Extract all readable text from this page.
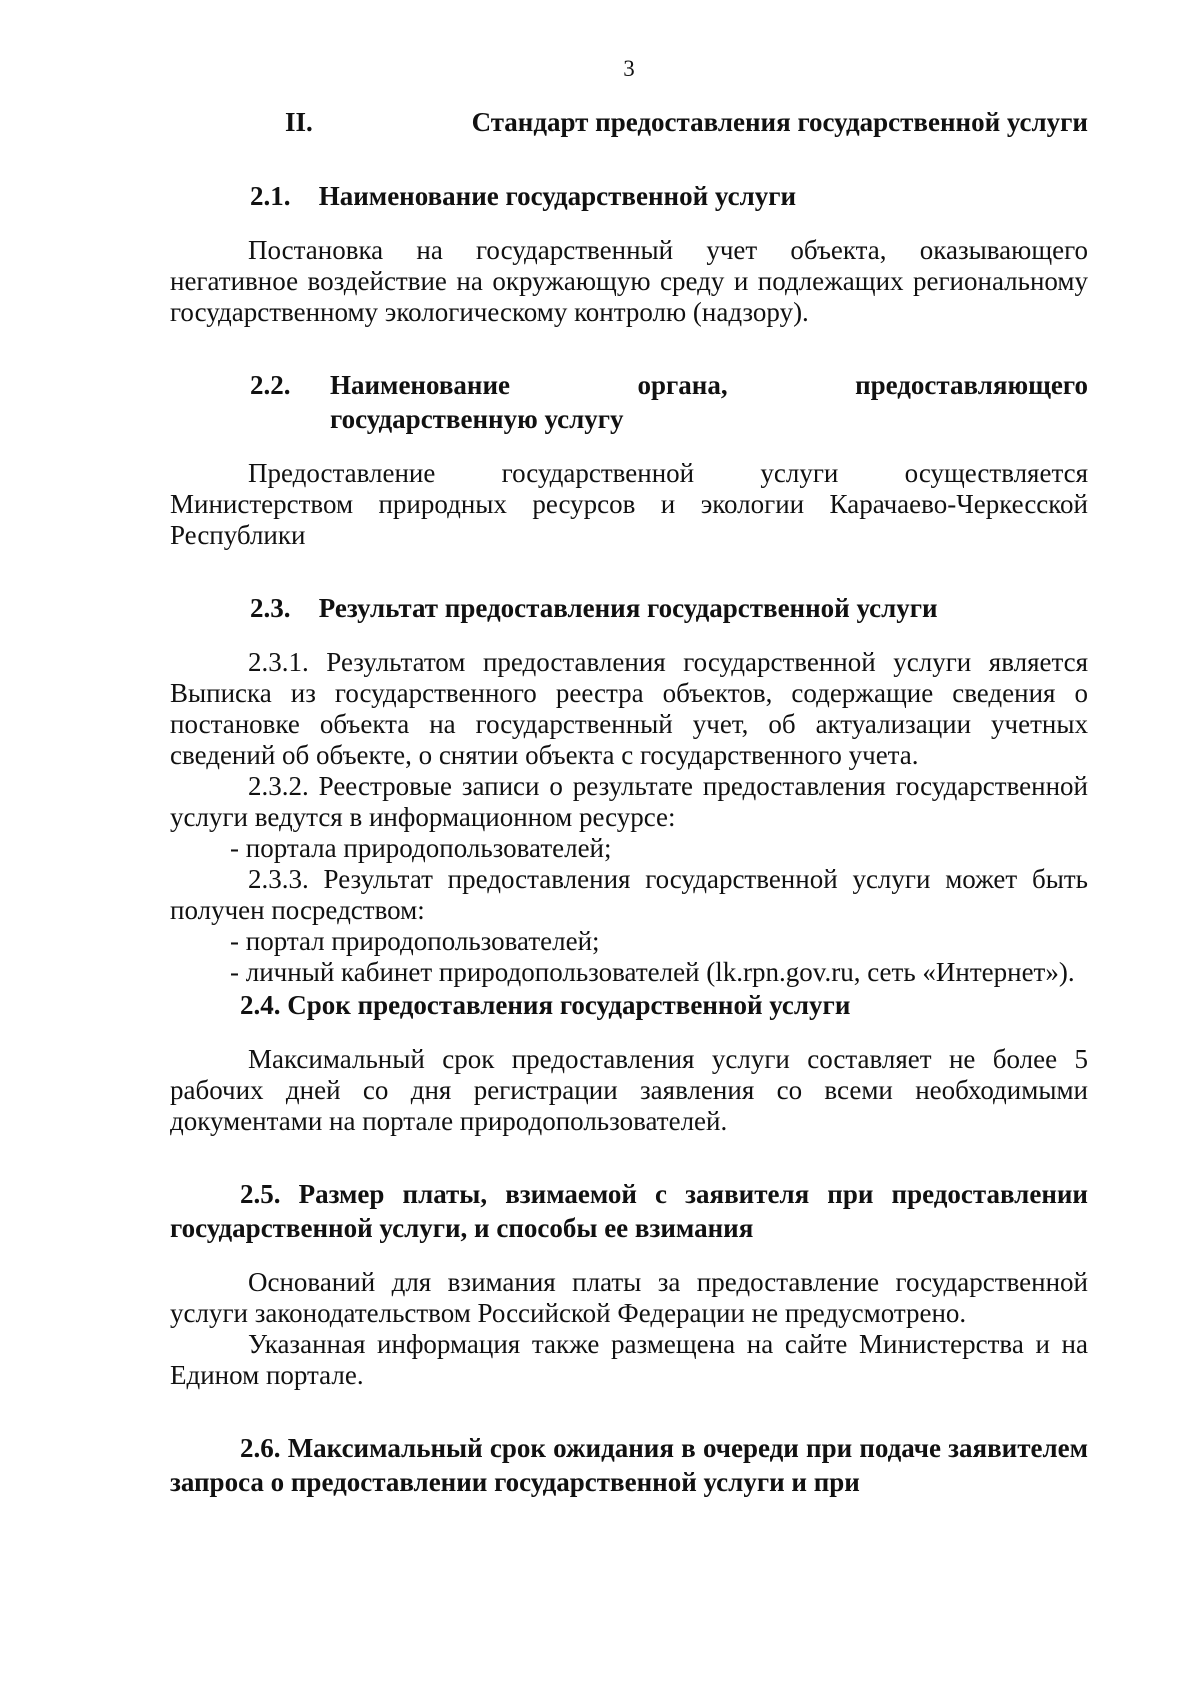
3
II.	Стандарт предоставления государственной услуги
2.1. Наименование государственной услуги

Постановка на государственный учет объекта, оказывающего негативное воздействие на окружающую среду и подлежащих региональному государственному экологическому контролю (надзору).

2.2.	Наименование	органа,	предоставляющего
государственную услугу

Предоставление государственной услуги осуществляется Министерством природных ресурсов и экологии Карачаево-Черкесской Республики

2.3. Результат предоставления государственной услуги

2.3.1. Результатом предоставления государственной услуги является Выписка из государственного реестра объектов, содержащие сведения о постановке объекта на государственный учет, об актуализации учетных сведений об объекте, о снятии объекта с государственного учета.

2.3.2. Реестровые записи о результате предоставления государственной услуги ведутся в информационном ресурсе:

- портала природопользователей;

2.3.3. Результат предоставления государственной услуги может быть получен посредством:

- портал природопользователей;

- личный кабинет природопользователей (lk.rpn.gov.ru, сеть «Интернет»).

2.4. Срок предоставления государственной услуги

Максимальный срок предоставления услуги составляет не более 5 рабочих дней со дня регистрации заявления со всеми необходимыми документами на портале природопользователей.

2.5. Размер платы, взимаемой с заявителя при предоставлении государственной услуги, и способы ее взимания

Оснований для взимания платы за предоставление государственной услуги законодательством Российской Федерации не предусмотрено.

Указанная информация также размещена на сайте Министерства и на Едином портале.

2.6. Максимальный срок ожидания в очереди при подаче заявителем запроса о предоставлении государственной услуги и при
